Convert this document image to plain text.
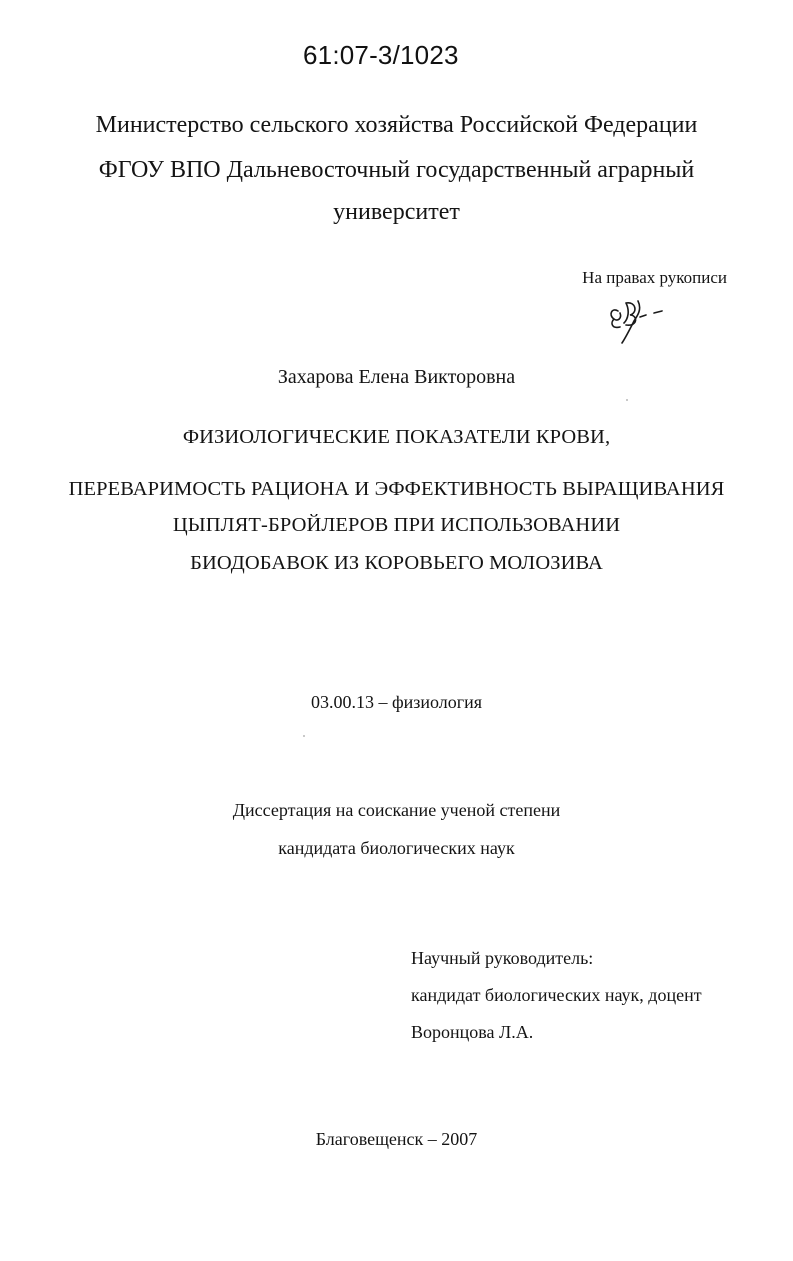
61:07-3/1023

Министерство сельского хозяйства Российской Федерации

ФГОУ ВПО Дальневосточный государственный аграрный

университет

На правах рукописи

Захарова Елена Викторовна

ФИЗИОЛОГИЧЕСКИЕ ПОКАЗАТЕЛИ КРОВИ,

ПЕРЕВАРИМОСТЬ РАЦИОНА И ЭФФЕКТИВНОСТЬ ВЫРАЩИВАНИЯ

ЦЫПЛЯТ-БРОЙЛЕРОВ ПРИ ИСПОЛЬЗОВАНИИ

БИОДОБАВОК ИЗ КОРОВЬЕГО МОЛОЗИВА

03.00.13 – физиология

Диссертация на соискание ученой степени

кандидата биологических наук

Научный руководитель:

кандидат биологических наук, доцент

Воронцова Л.А.

Благовещенск – 2007
